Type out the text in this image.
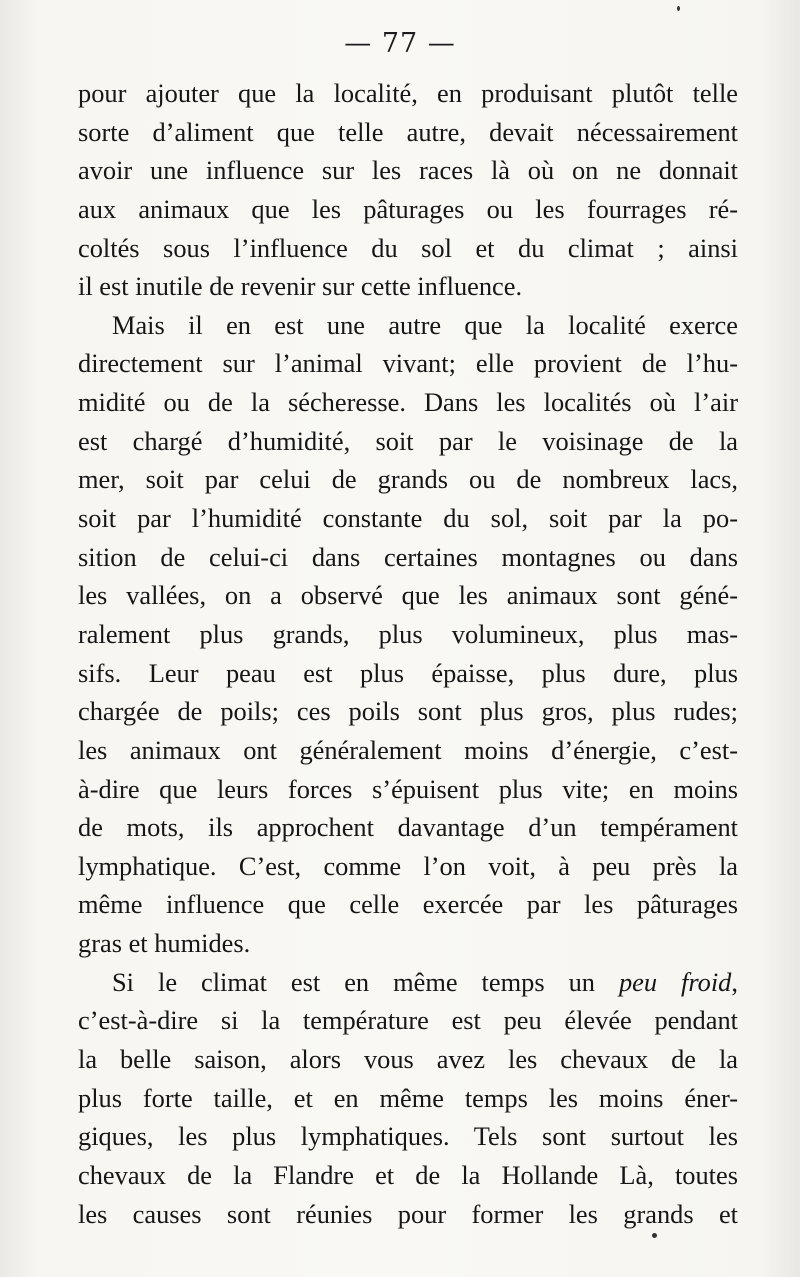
— 77 —
pour ajouter que la localité, en produisant plutôt telle
sorte d’aliment que telle autre, devait nécessairement
avoir une influence sur les races là où on ne donnait
aux animaux que les pâturages ou les fourrages ré-
coltés sous l’influence du sol et du climat ; ainsi
il est inutile de revenir sur cette influence.
Mais il en est une autre que la localité exerce
directement sur l’animal vivant; elle provient de l’hu-
midité ou de la sécheresse. Dans les localités où l’air
est chargé d’humidité, soit par le voisinage de la
mer, soit par celui de grands ou de nombreux lacs,
soit par l’humidité constante du sol, soit par la po-
sition de celui-ci dans certaines montagnes ou dans
les vallées, on a observé que les animaux sont géné-
ralement plus grands, plus volumineux, plus mas-
sifs. Leur peau est plus épaisse, plus dure, plus
chargée de poils; ces poils sont plus gros, plus rudes;
les animaux ont généralement moins d’énergie, c’est-
à-dire que leurs forces s’épuisent plus vite; en moins
de mots, ils approchent davantage d’un tempérament
lymphatique. C’est, comme l’on voit, à peu près la
même influence que celle exercée par les pâturages
gras et humides.
Si le climat est en même temps un peu froid,
c’est-à-dire si la température est peu élevée pendant
la belle saison, alors vous avez les chevaux de la
plus forte taille, et en même temps les moins éner-
giques, les plus lymphatiques. Tels sont surtout les
chevaux de la Flandre et de la Hollande Là, toutes
les causes sont réunies pour former les grands et
